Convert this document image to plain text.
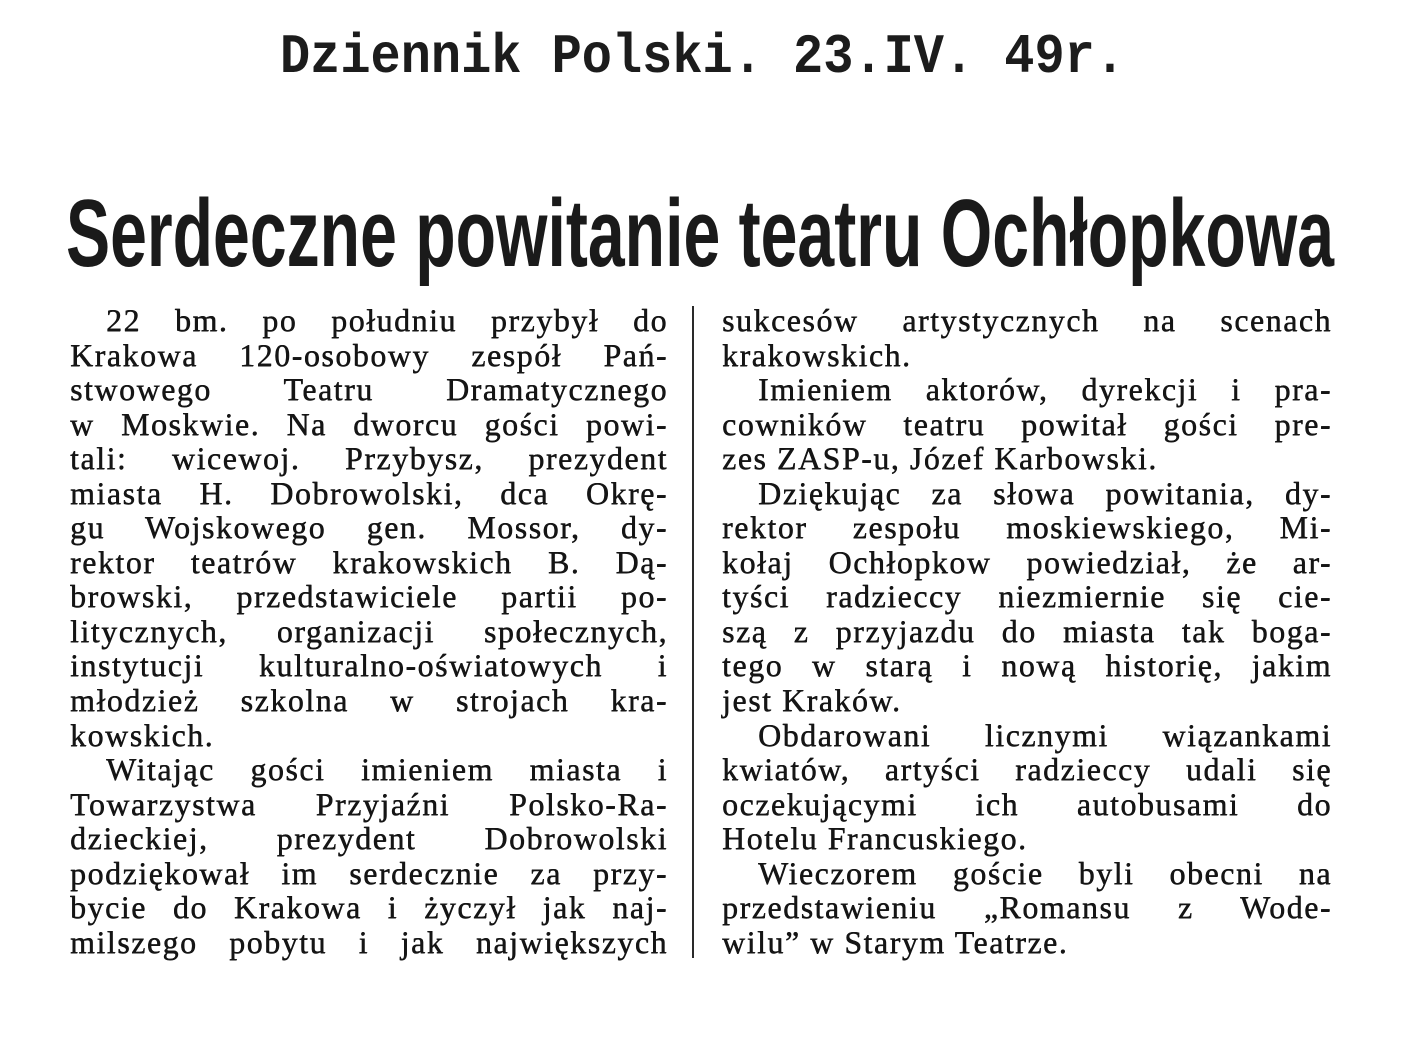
Dziennik Polski. 23.IV. 49r.
Serdeczne powitanie teatru Ochłopkowa
22 bm. po południu przybył do
Krakowa 120-osobowy zespół Pań-
stwowego Teatru Dramatycznego
w Moskwie. Na dworcu gości powi-
tali: wicewoj. Przybysz, prezydent
miasta H. Dobrowolski, dca Okrę-
gu Wojskowego gen. Mossor, dy-
rektor teatrów krakowskich B. Dą-
browski, przedstawiciele partii po-
litycznych, organizacji społecznych,
instytucji kulturalno-oświatowych i
młodzież szkolna w strojach kra-
kowskich.
Witając gości imieniem miasta i
Towarzystwa Przyjaźni Polsko-Ra-
dzieckiej, prezydent Dobrowolski
podziękował im serdecznie za przy-
bycie do Krakowa i życzył jak naj-
milszego pobytu i jak największych
sukcesów artystycznych na scenach
krakowskich.
Imieniem aktorów, dyrekcji i pra-
cowników teatru powitał gości pre-
zes ZASP-u, Józef Karbowski.
Dziękując za słowa powitania, dy-
rektor zespołu moskiewskiego, Mi-
kołaj Ochłopkow powiedział, że ar-
tyści radzieccy niezmiernie się cie-
szą z przyjazdu do miasta tak boga-
tego w starą i nową historię, jakim
jest Kraków.
Obdarowani licznymi wiązankami
kwiatów, artyści radzieccy udali się
oczekującymi ich autobusami do
Hotelu Francuskiego.
Wieczorem goście byli obecni na
przedstawieniu „Romansu z Wode-
wilu” w Starym Teatrze.
